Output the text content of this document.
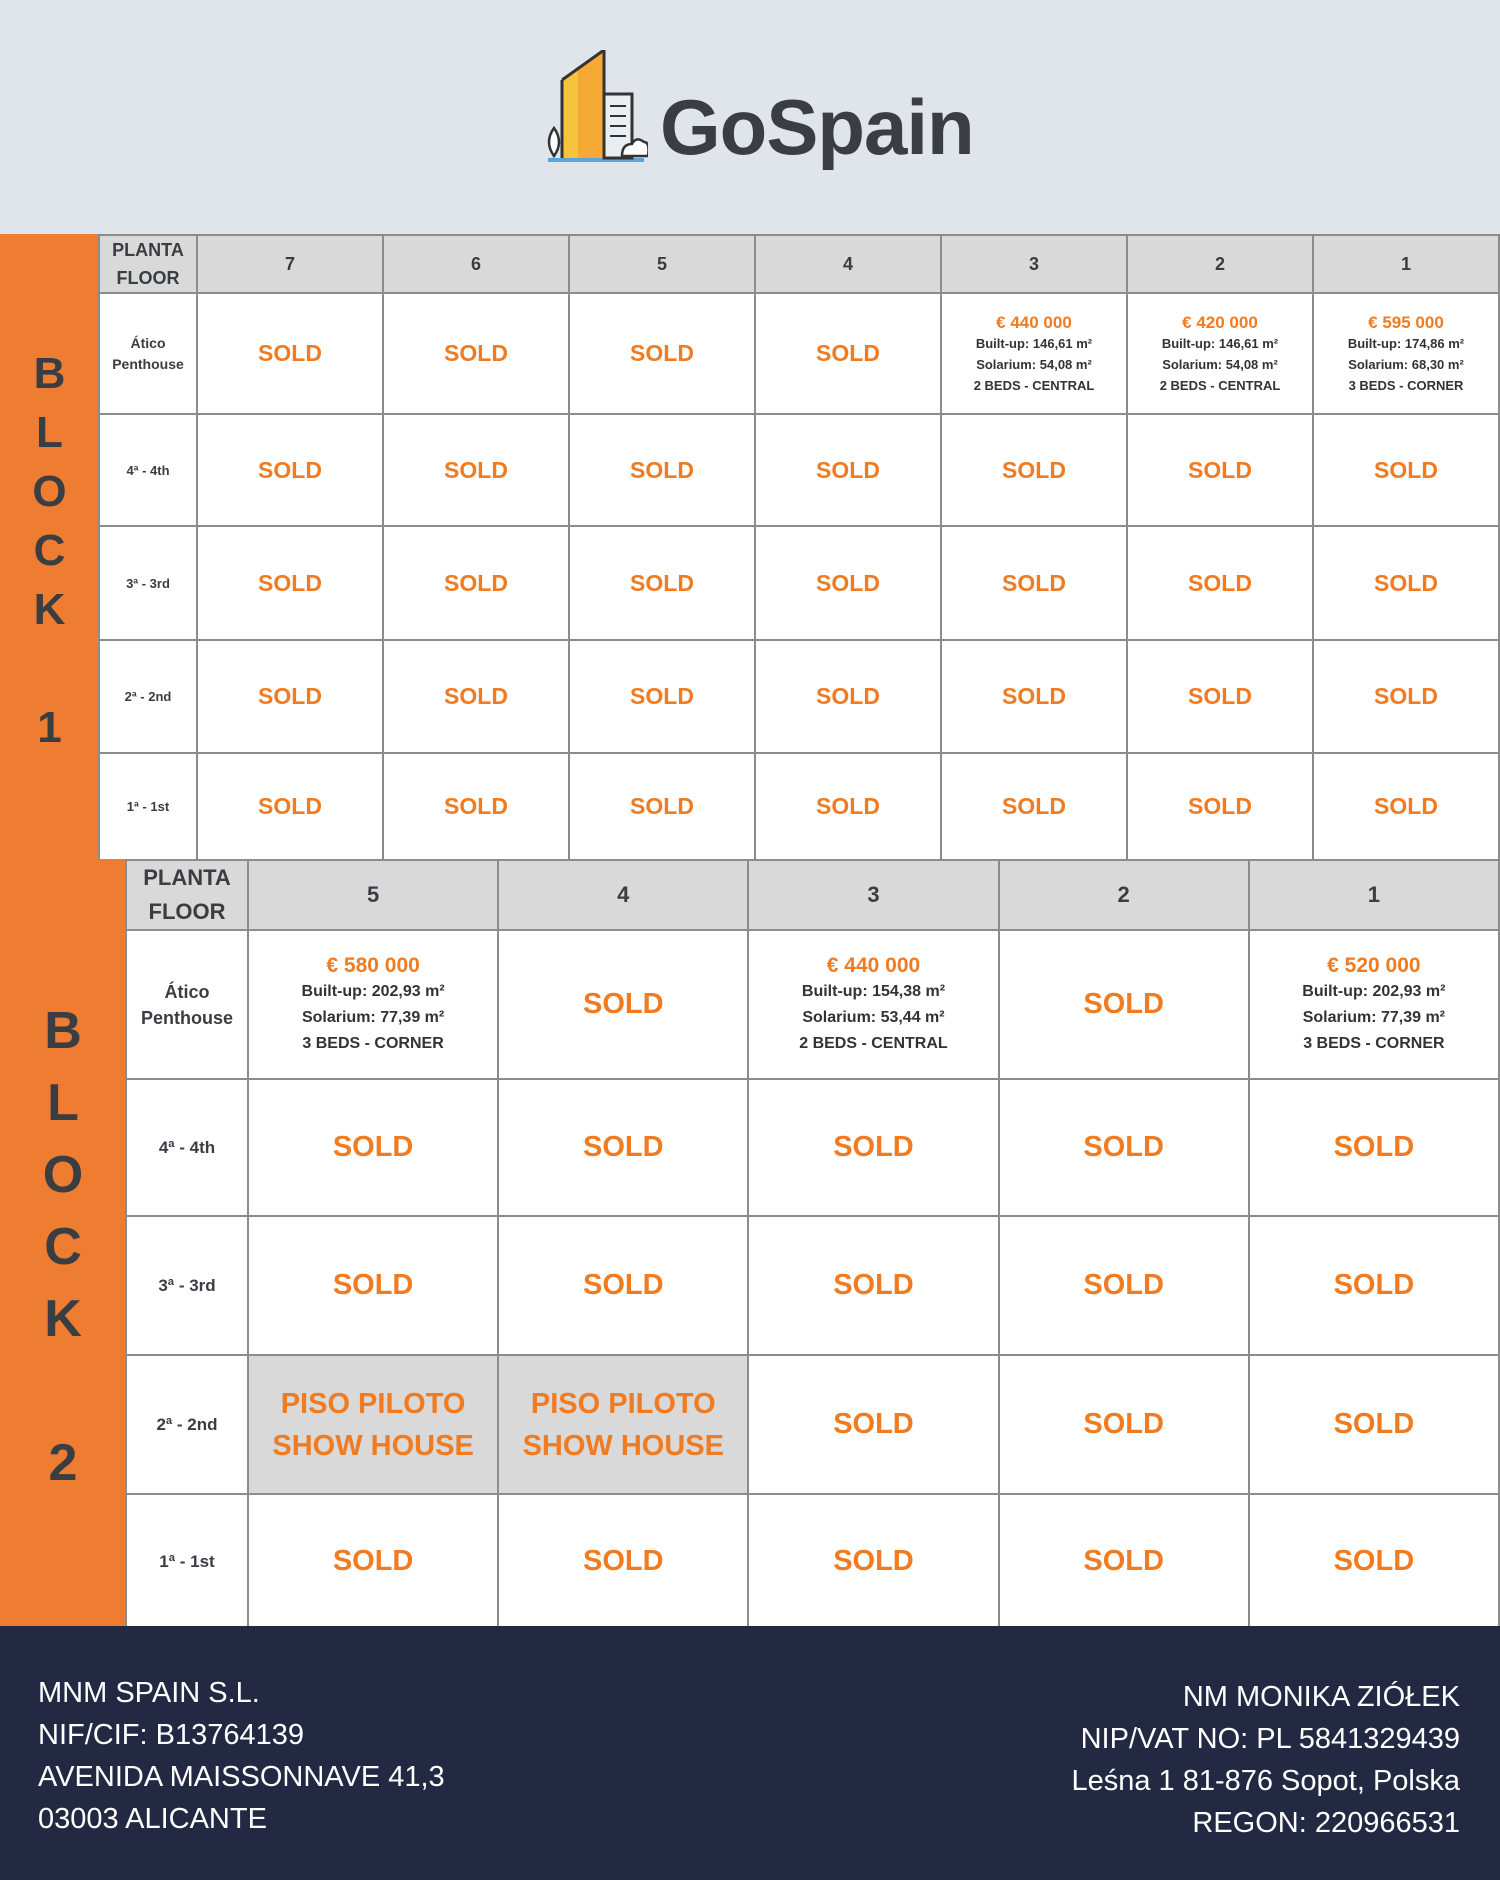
GoSpain
B
L
O
C
K

1
PLANTA
FLOOR	7	6	5	4	3	2	1

Ático
Penthouse	SOLD	SOLD	SOLD	SOLD	€ 440 000
Built-up: 146,61 m²
Solarium: 54,08 m²
2 BEDS - CENTRAL	€ 420 000
Built-up: 146,61 m²
Solarium: 54,08 m²
2 BEDS - CENTRAL	€ 595 000
Built-up: 174,86 m²
Solarium: 68,30 m²
3 BEDS - CORNER

4ª - 4th	SOLD	SOLD	SOLD	SOLD	SOLD	SOLD	SOLD
3ª - 3rd	SOLD	SOLD	SOLD	SOLD	SOLD	SOLD	SOLD
2ª - 2nd	SOLD	SOLD	SOLD	SOLD	SOLD	SOLD	SOLD
1ª - 1st	SOLD	SOLD	SOLD	SOLD	SOLD	SOLD	SOLD
B
L
O
C
K

2
PLANTA
FLOOR	5	4	3	2	1

Ático
Penthouse	€ 580 000
Built-up: 202,93 m²
Solarium: 77,39 m²
3 BEDS - CORNER	SOLD	€ 440 000
Built-up: 154,38 m²
Solarium: 53,44 m²
2 BEDS - CENTRAL	SOLD	€ 520 000
Built-up: 202,93 m²
Solarium: 77,39 m²
3 BEDS - CORNER

4ª - 4th	SOLD	SOLD	SOLD	SOLD	SOLD
3ª - 3rd	SOLD	SOLD	SOLD	SOLD	SOLD
2ª - 2nd	PISO PILOTO
SHOW HOUSE	PISO PILOTO
SHOW HOUSE	SOLD	SOLD	SOLD
1ª - 1st	SOLD	SOLD	SOLD	SOLD	SOLD
MNM SPAIN S.L.
NIF/CIF: B13764139
AVENIDA MAISSONNAVE 41,3
03003 ALICANTE
NM MONIKA ZIÓŁEK
NIP/VAT NO: PL 5841329439
Leśna 1 81-876 Sopot, Polska
REGON: 220966531
